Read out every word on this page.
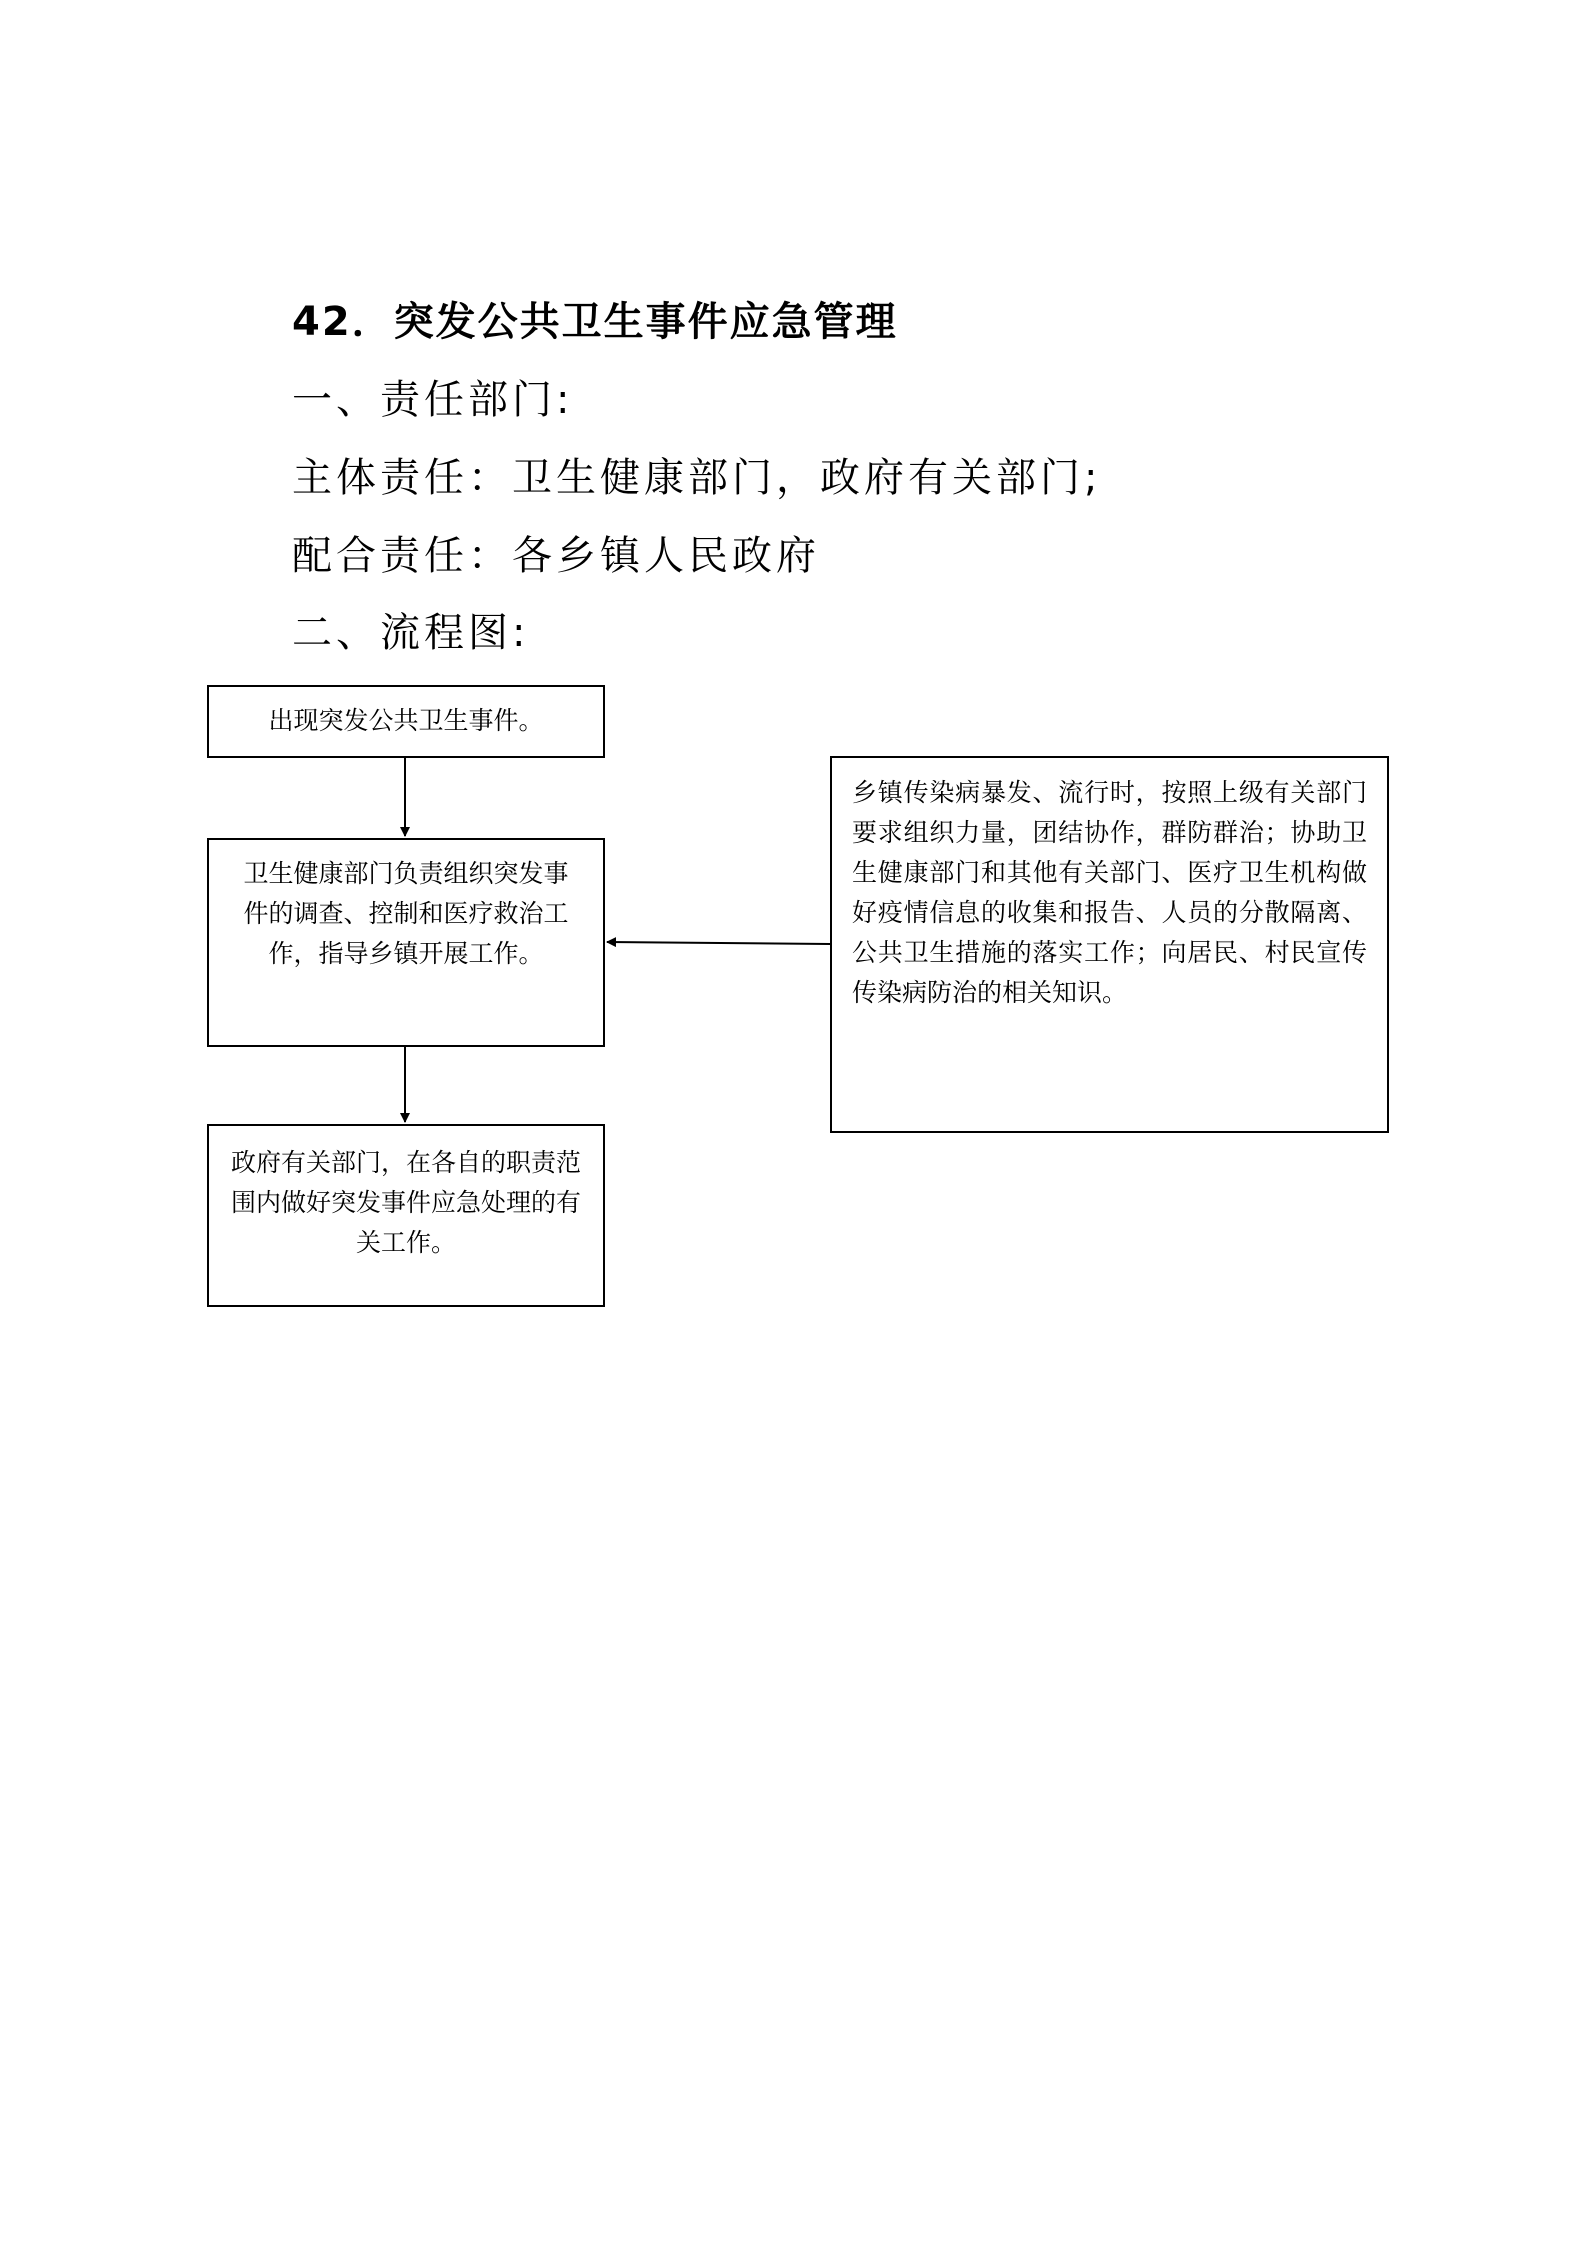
42．突发公共卫生事件应急管理
一、责任部门:
主体责任：卫生健康部门，政府有关部门;
配合责任：各乡镇人民政府
二、流程图:
出现突发公共卫生事件。
卫生健康部门负责组织突发事件的调查、控制和医疗救治工作，指导乡镇开展工作。
政府有关部门，在各自的职责范围内做好突发事件应急处理的有关工作。
乡镇传染病暴发、流行时，按照上级有关部门要求组织力量，团结协作，群防群治；协助卫生健康部门和其他有关部门、医疗卫生机构做好疫情信息的收集和报告、人员的分散隔离、公共卫生措施的落实工作；向居民、村民宣传传染病防治的相关知识。
